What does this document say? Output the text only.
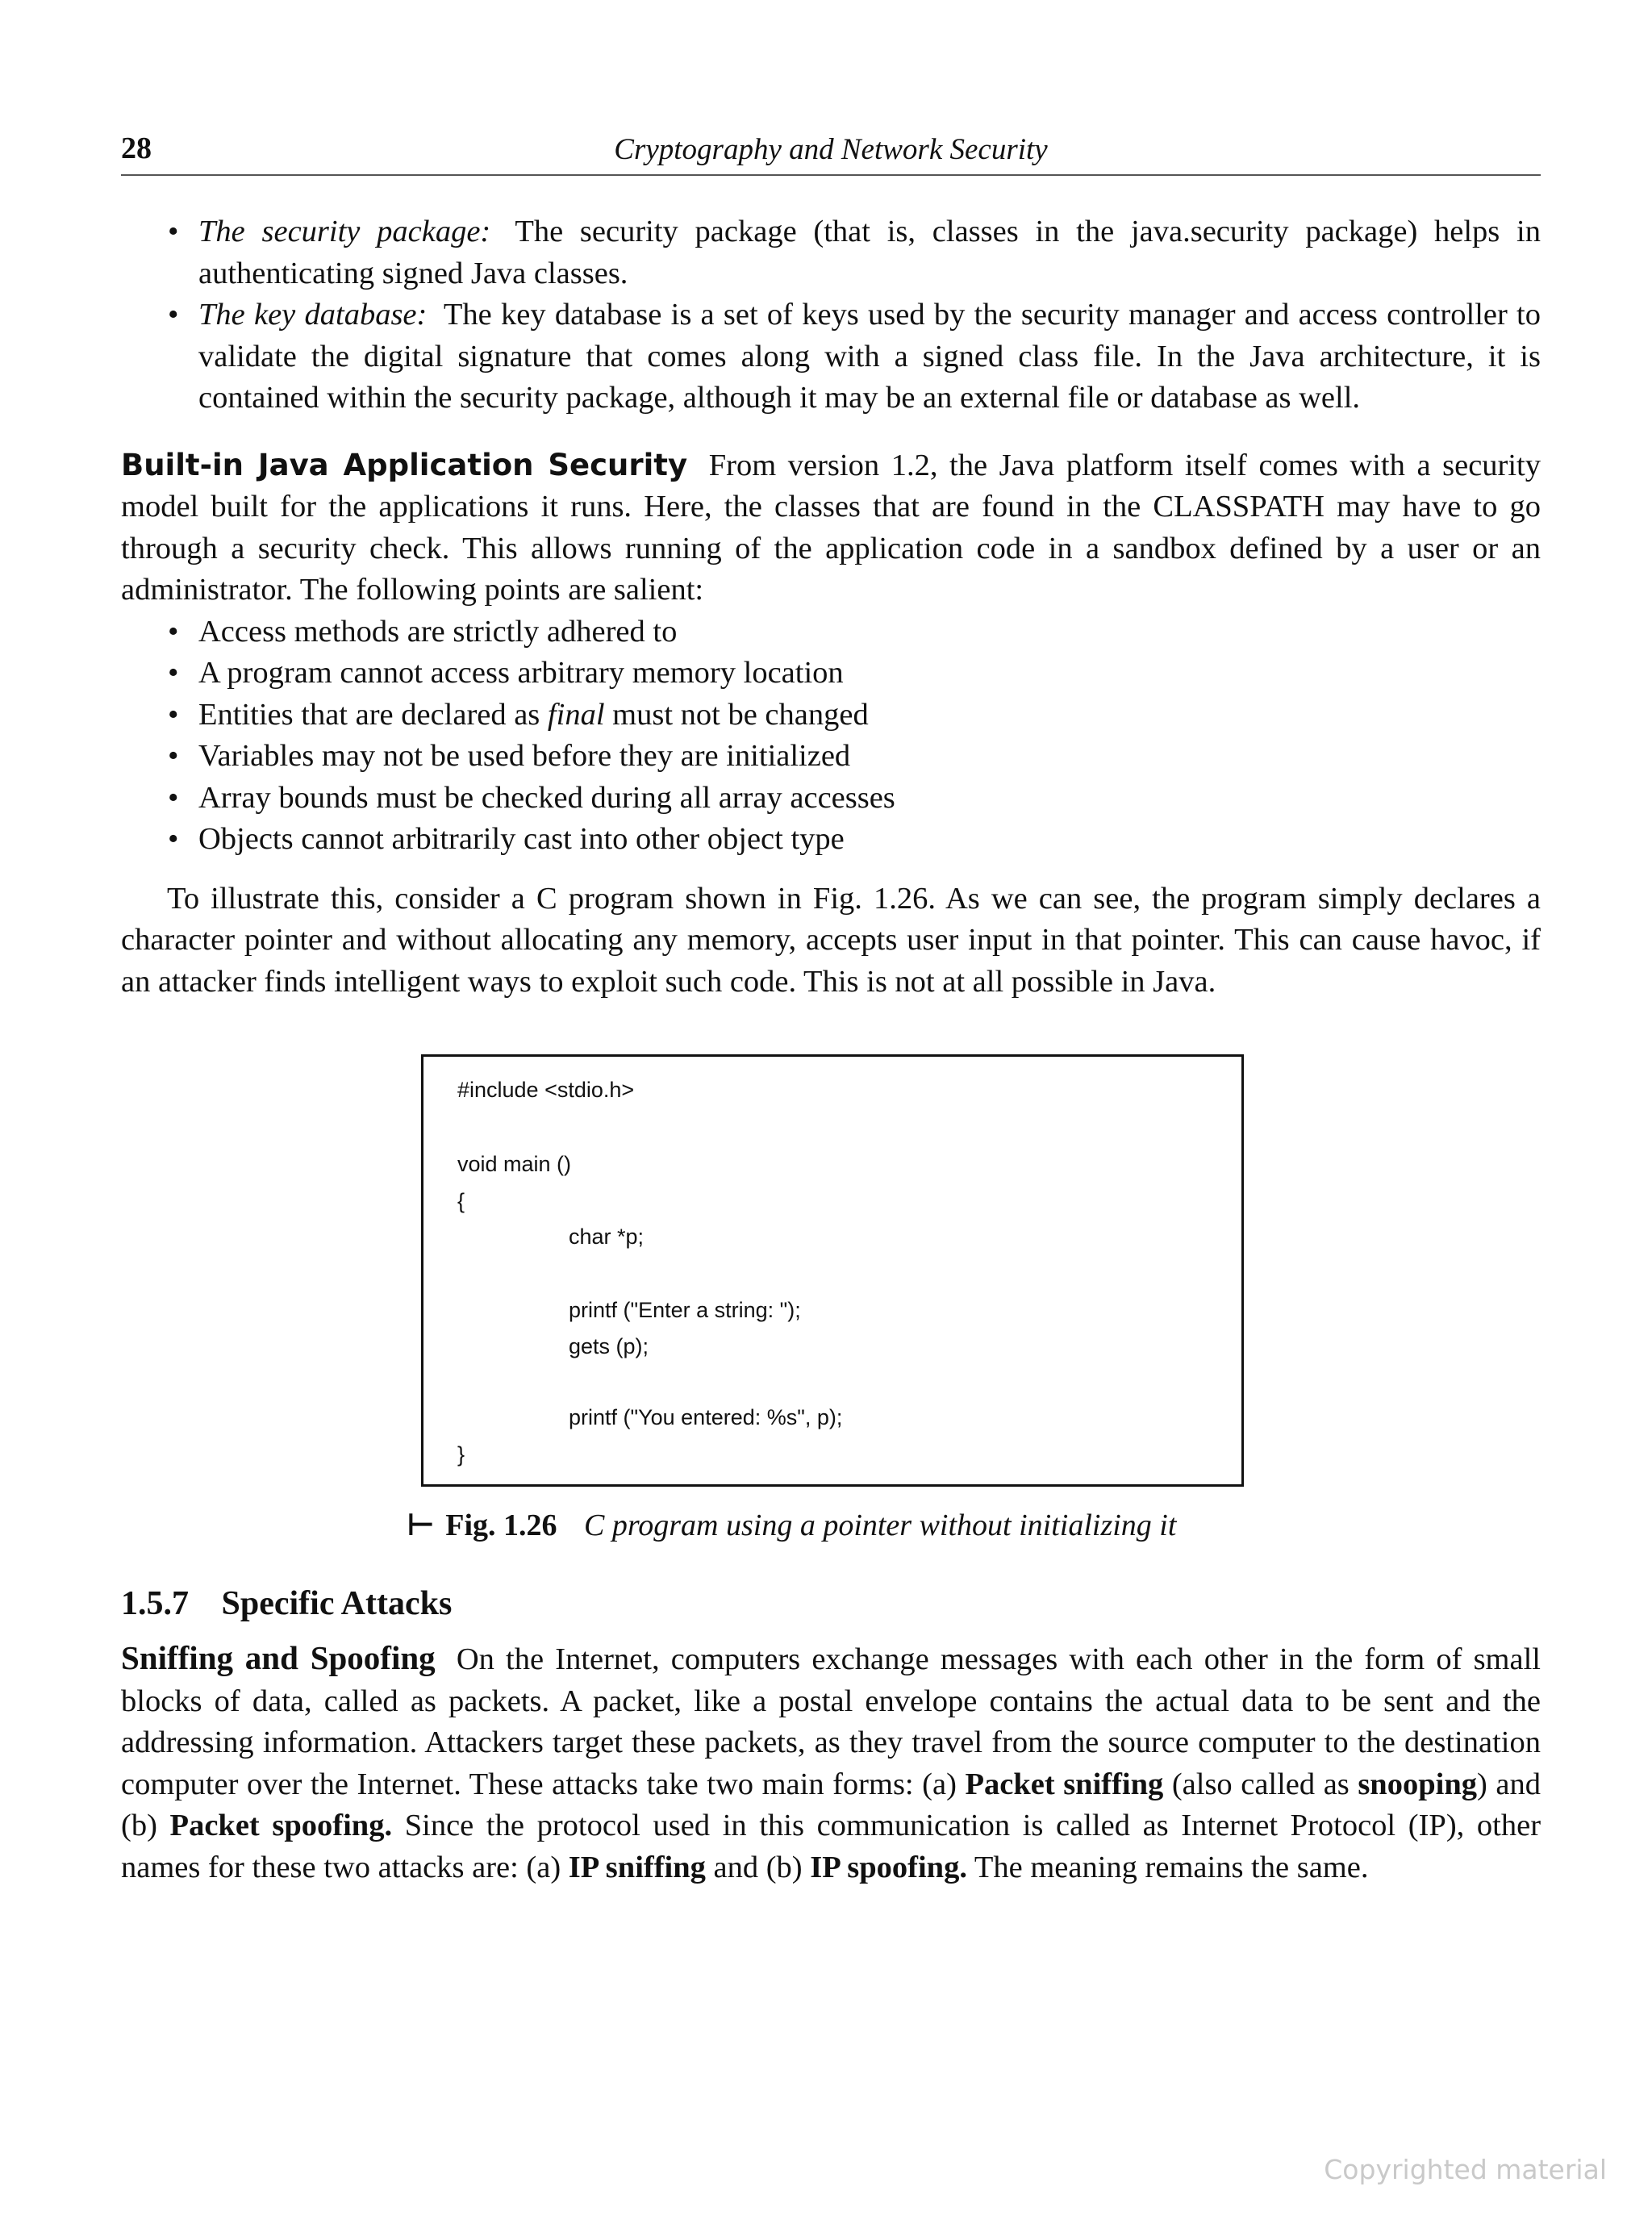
28	Cryptography and Network Security
• The security package: The security package (that is, classes in the java.security package) helps in authenticating signed Java classes.
• The key database: The key database is a set of keys used by the security manager and access controller to validate the digital signature that comes along with a signed class file. In the Java architecture, it is contained within the security package, although it may be an external file or database as well.

Built-in Java Application Security From version 1.2, the Java platform itself comes with a security model built for the applications it runs. Here, the classes that are found in the CLASSPATH may have to go through a security check. This allows running of the application code in a sandbox defined by a user or an administrator. The following points are salient:

• Access methods are strictly adhered to
• A program cannot access arbitrary memory location
• Entities that are declared as final must not be changed
• Variables may not be used before they are initialized
• Array bounds must be checked during all array accesses
• Objects cannot arbitrarily cast into other object type

To illustrate this, consider a C program shown in Fig. 1.26. As we can see, the program simply declares a character pointer and without allocating any memory, accepts user input in that pointer. This can cause havoc, if an attacker finds intelligent ways to exploit such code. This is not at all possible in Java.

#include <stdio.h>
void main ()
{
char *p;
printf ("Enter a string: ");
gets (p);
printf ("You entered: %s", p);
}
⊢ Fig. 1.26 C program using a pointer without initializing it
1.5.7 Specific Attacks

Sniffing and Spoofing On the Internet, computers exchange messages with each other in the form of small blocks of data, called as packets. A packet, like a postal envelope contains the actual data to be sent and the addressing information. Attackers target these packets, as they travel from the source computer to the destination computer over the Internet. These attacks take two main forms: (a) Packet sniffing (also called as snooping) and (b) Packet spoofing. Since the protocol used in this communication is called as Internet Protocol (IP), other names for these two attacks are: (a) IP sniffing and (b) IP spoofing. The meaning remains the same.

Copyrighted material
